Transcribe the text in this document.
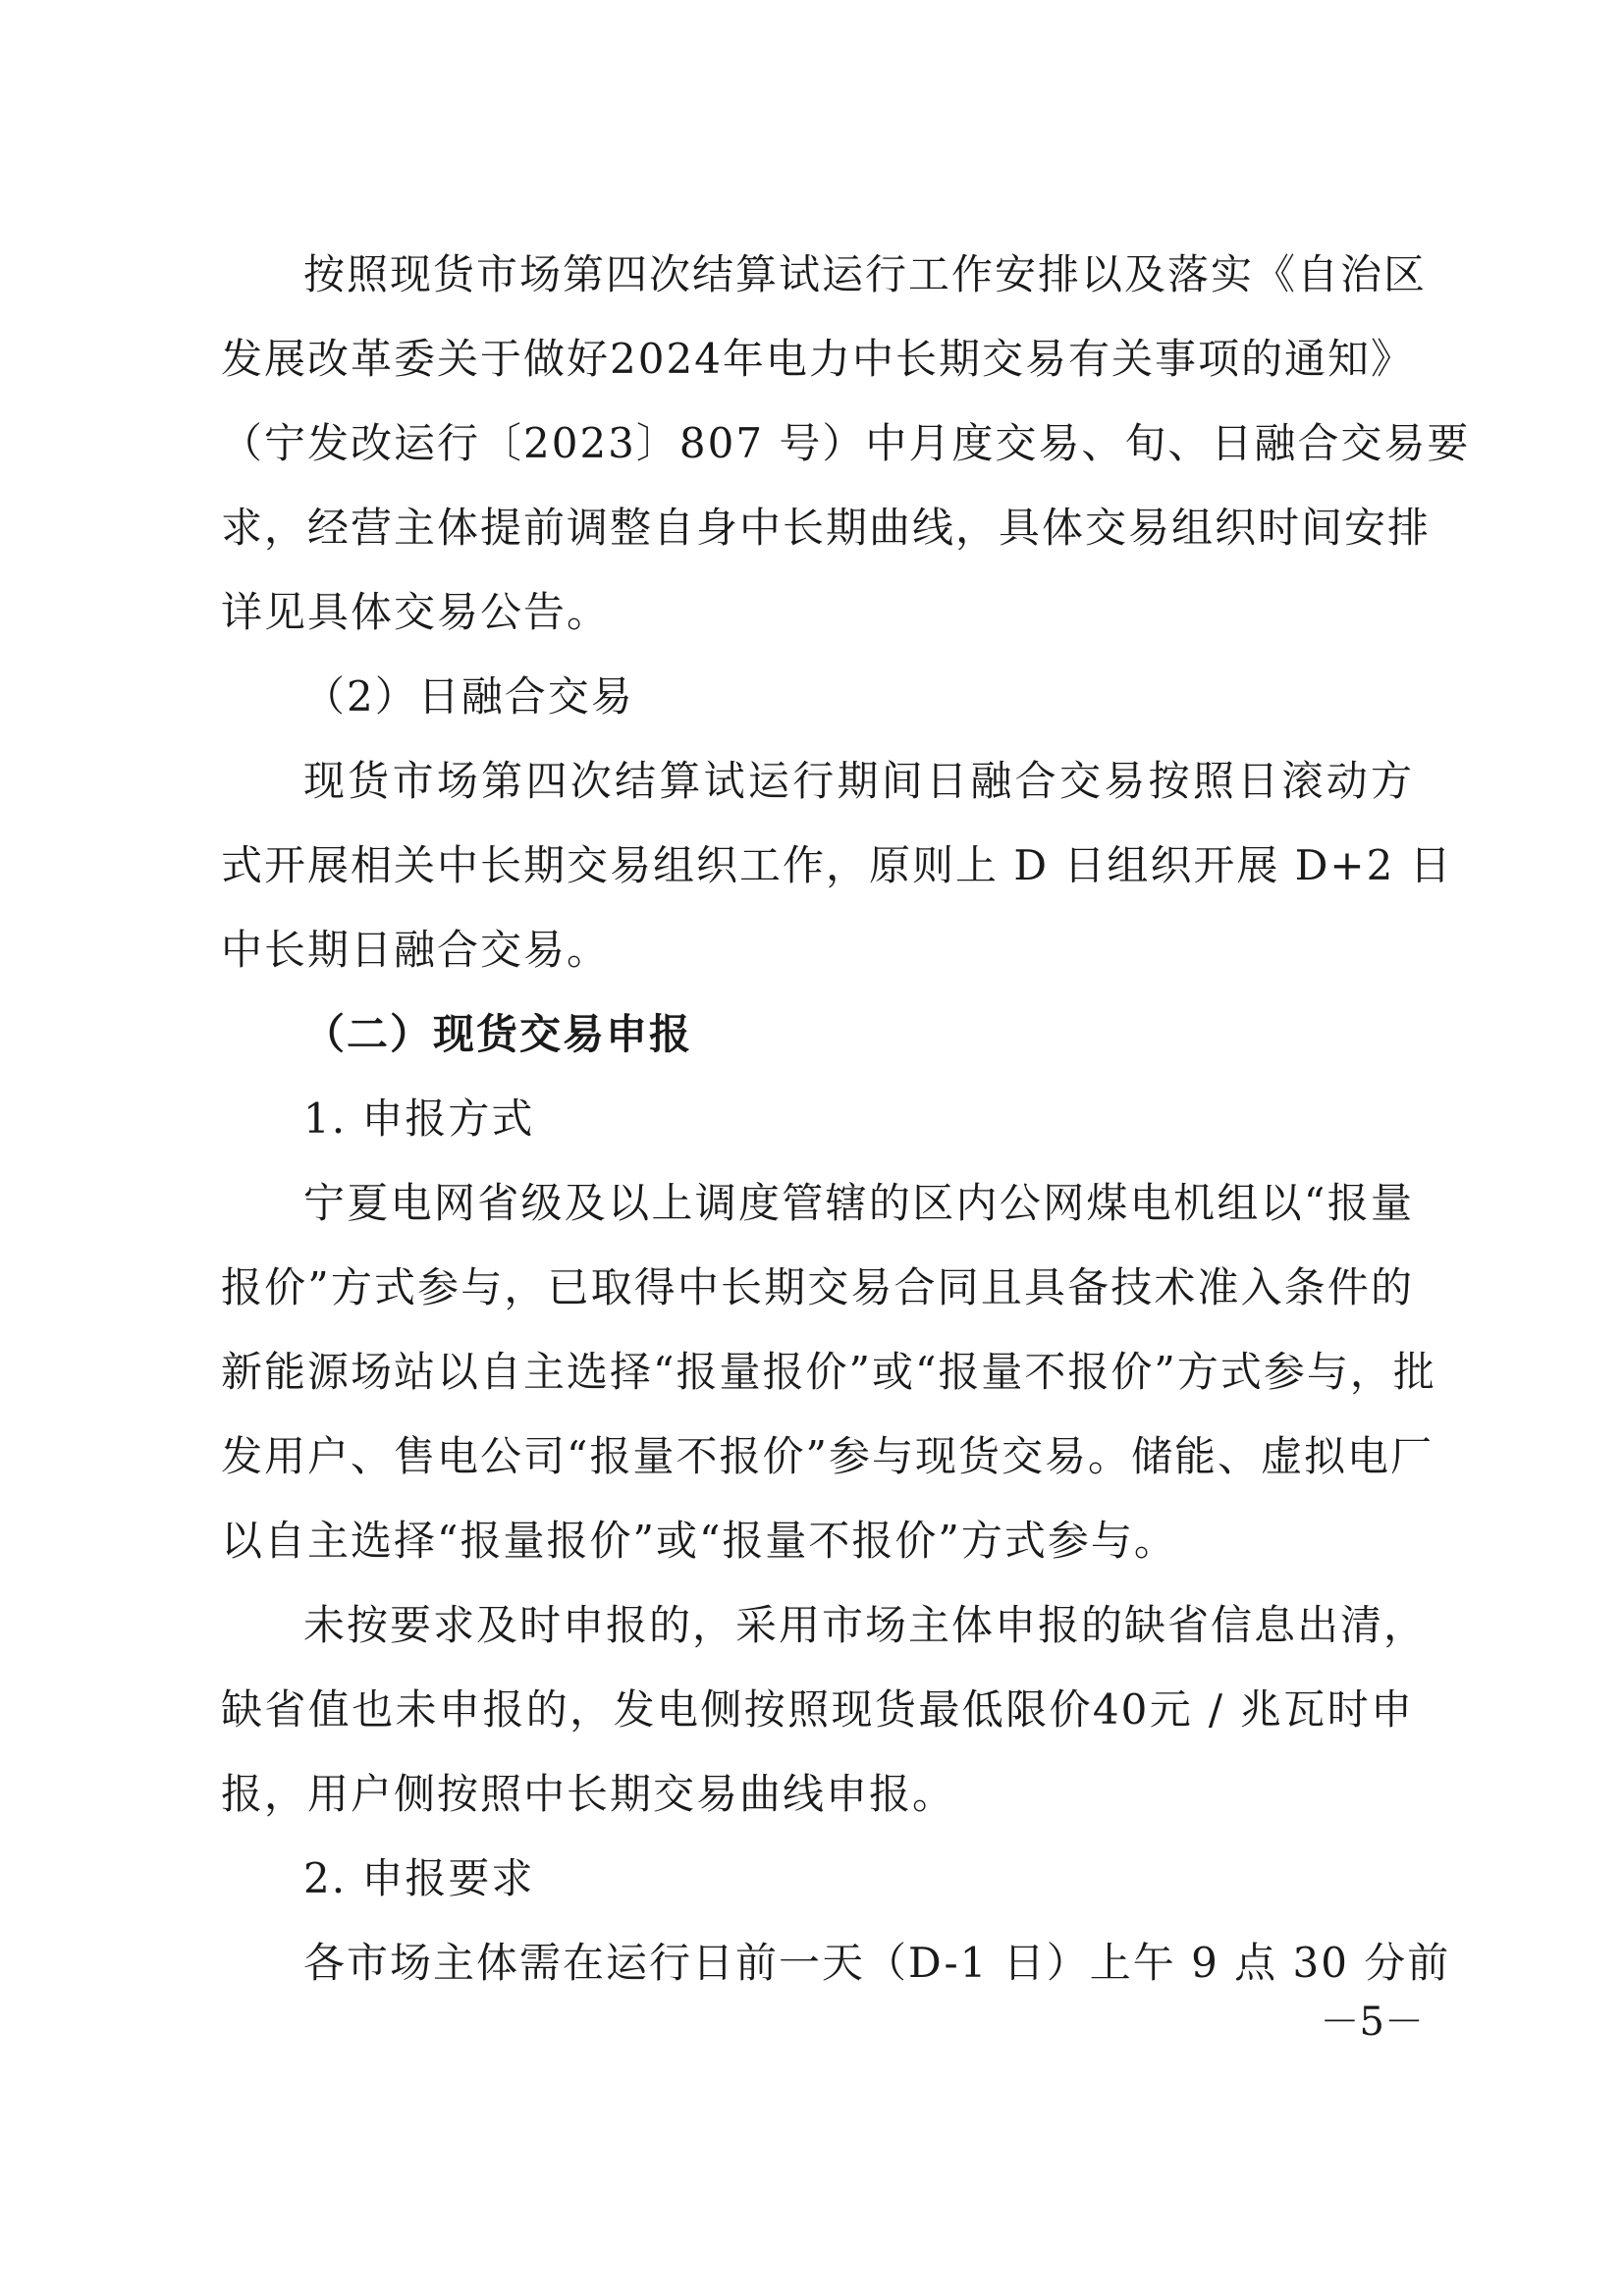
按照现货市场第四次结算试运行工作安排以及落实《自治区
发展改革委关于做好2024年电力中长期交易有关事项的通知》
（宁发改运行〔2023〕807 号）中月度交易、旬、日融合交易要
求，经营主体提前调整自身中长期曲线，具体交易组织时间安排
详见具体交易公告。
（2）日融合交易
现货市场第四次结算试运行期间日融合交易按照日滚动方
式开展相关中长期交易组织工作，原则上 D 日组织开展 D+2 日
中长期日融合交易。
（二）现货交易申报
1. 申报方式
宁夏电网省级及以上调度管辖的区内公网煤电机组以“报量
报价”方式参与，已取得中长期交易合同且具备技术准入条件的
新能源场站以自主选择“报量报价”或“报量不报价”方式参与，批
发用户、售电公司“报量不报价”参与现货交易。储能、虚拟电厂
以自主选择“报量报价”或“报量不报价”方式参与。
未按要求及时申报的，采用市场主体申报的缺省信息出清，
缺省值也未申报的，发电侧按照现货最低限价40元 / 兆瓦时申
报，用户侧按照中长期交易曲线申报。
2. 申报要求
各市场主体需在运行日前一天（D-1 日）上午 9 点 30 分前
－5－
